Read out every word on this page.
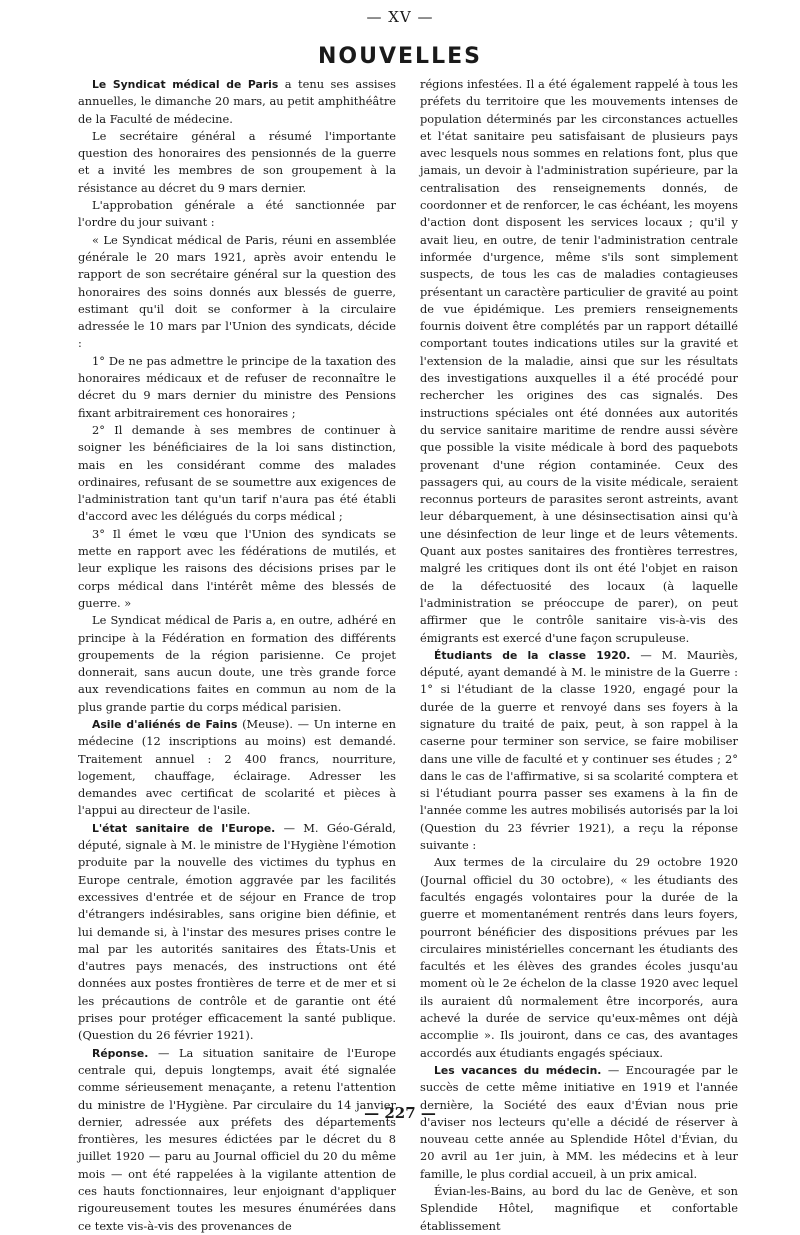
— XV —
NOUVELLES

Le Syndicat médical de Paris a tenu ses assises annuelles, le dimanche 20 mars, au petit amphithéâtre de la Faculté de médecine.

Le secrétaire général a résumé l'importante question des honoraires des pensionnés de la guerre et a invité les membres de son groupement à la résistance au décret du 9 mars dernier.

L'approbation générale a été sanctionnée par l'ordre du jour suivant :

« Le Syndicat médical de Paris, réuni en assemblée générale le 20 mars 1921, après avoir entendu le rapport de son secrétaire général sur la question des honoraires des soins donnés aux blessés de guerre, estimant qu'il doit se conformer à la circulaire adressée le 10 mars par l'Union des syndicats, décide :

1° De ne pas admettre le principe de la taxation des honoraires médicaux et de refuser de reconnaître le décret du 9 mars dernier du ministre des Pensions fixant arbitrairement ces honoraires ;

2° Il demande à ses membres de continuer à soigner les bénéficiaires de la loi sans distinction, mais en les considérant comme des malades ordinaires, refusant de se soumettre aux exigences de l'administration tant qu'un tarif n'aura pas été établi d'accord avec les délégués du corps médical ;

3° Il émet le vœu que l'Union des syndicats se mette en rapport avec les fédérations de mutilés, et leur explique les raisons des décisions prises par le corps médical dans l'intérêt même des blessés de guerre. »

Le Syndicat médical de Paris a, en outre, adhéré en principe à la Fédération en formation des différents groupements de la région parisienne. Ce projet donnerait, sans aucun doute, une très grande force aux revendications faites en commun au nom de la plus grande partie du corps médical parisien.

Asile d'aliénés de Fains (Meuse). — Un interne en médecine (12 inscriptions au moins) est demandé. Traitement annuel : 2 400 francs, nourriture, logement, chauffage, éclairage. Adresser les demandes avec certificat de scolarité et pièces à l'appui au directeur de l'asile.

L'état sanitaire de l'Europe. — M. Géo-Gérald, député, signale à M. le ministre de l'Hygiène l'émotion produite par la nouvelle des victimes du typhus en Europe centrale, émotion aggravée par les facilités excessives d'entrée et de séjour en France de trop d'étrangers indésirables, sans origine bien définie, et lui demande si, à l'instar des mesures prises contre le mal par les autorités sanitaires des États-Unis et d'autres pays menacés, des instructions ont été données aux postes frontières de terre et de mer et si les précautions de contrôle et de garantie ont été prises pour protéger efficacement la santé publique. (Question du 26 février 1921).

Réponse. — La situation sanitaire de l'Europe centrale qui, depuis longtemps, avait été signalée comme sérieusement menaçante, a retenu l'attention du ministre de l'Hygiène. Par circulaire du 14 janvier dernier, adressée aux préfets des départements frontières, les mesures édictées par le décret du 8 juillet 1920 — paru au Journal officiel du 20 du même mois — ont été rappelées à la vigilante attention de ces hauts fonctionnaires, leur enjoignant d'appliquer rigoureusement toutes les mesures énumérées dans ce texte vis-à-vis des provenances de

régions infestées. Il a été également rappelé à tous les préfets du territoire que les mouvements intenses de population déterminés par les circonstances actuelles et l'état sanitaire peu satisfaisant de plusieurs pays avec lesquels nous sommes en relations font, plus que jamais, un devoir à l'administration supérieure, par la centralisation des renseignements donnés, de coordonner et de renforcer, le cas échéant, les moyens d'action dont disposent les services locaux ; qu'il y avait lieu, en outre, de tenir l'administration centrale informée d'urgence, même s'ils sont simplement suspects, de tous les cas de maladies contagieuses présentant un caractère particulier de gravité au point de vue épidémique. Les premiers renseignements fournis doivent être complétés par un rapport détaillé comportant toutes indications utiles sur la gravité et l'extension de la maladie, ainsi que sur les résultats des investigations auxquelles il a été procédé pour rechercher les origines des cas signalés. Des instructions spéciales ont été données aux autorités du service sanitaire maritime de rendre aussi sévère que possible la visite médicale à bord des paquebots provenant d'une région contaminée. Ceux des passagers qui, au cours de la visite médicale, seraient reconnus porteurs de parasites seront astreints, avant leur débarquement, à une désinsectisation ainsi qu'à une désinfection de leur linge et de leurs vêtements. Quant aux postes sanitaires des frontières terrestres, malgré les critiques dont ils ont été l'objet en raison de la défectuosité des locaux (à laquelle l'administration se préoccupe de parer), on peut affirmer que le contrôle sanitaire vis-à-vis des émigrants est exercé d'une façon scrupuleuse.

Étudiants de la classe 1920. — M. Mauriès, député, ayant demandé à M. le ministre de la Guerre : 1° si l'étudiant de la classe 1920, engagé pour la durée de la guerre et renvoyé dans ses foyers à la signature du traité de paix, peut, à son rappel à la caserne pour terminer son service, se faire mobiliser dans une ville de faculté et y continuer ses études ; 2° dans le cas de l'affirmative, si sa scolarité comptera et si l'étudiant pourra passer ses examens à la fin de l'année comme les autres mobilisés autorisés par la loi (Question du 23 février 1921), a reçu la réponse suivante :

Aux termes de la circulaire du 29 octobre 1920 (Journal officiel du 30 octobre), « les étudiants des facultés engagés volontaires pour la durée de la guerre et momentanément rentrés dans leurs foyers, pourront bénéficier des dispositions prévues par les circulaires ministérielles concernant les étudiants des facultés et les élèves des grandes écoles jusqu'au moment où le 2e échelon de la classe 1920 avec lequel ils auraient dû normalement être incorporés, aura achevé la durée de service qu'eux-mêmes ont déjà accomplie ». Ils jouiront, dans ce cas, des avantages accordés aux étudiants engagés spéciaux.

Les vacances du médecin. — Encouragée par le succès de cette même initiative en 1919 et l'année dernière, la Société des eaux d'Évian nous prie d'aviser nos lecteurs qu'elle a décidé de réserver à nouveau cette année au Splendide Hôtel d'Évian, du 20 avril au 1er juin, à MM. les médecins et à leur famille, le plus cordial accueil, à un prix amical.

Évian-les-Bains, au bord du lac de Genève, et son Splendide Hôtel, magnifique et confortable établissement

— 227 —
